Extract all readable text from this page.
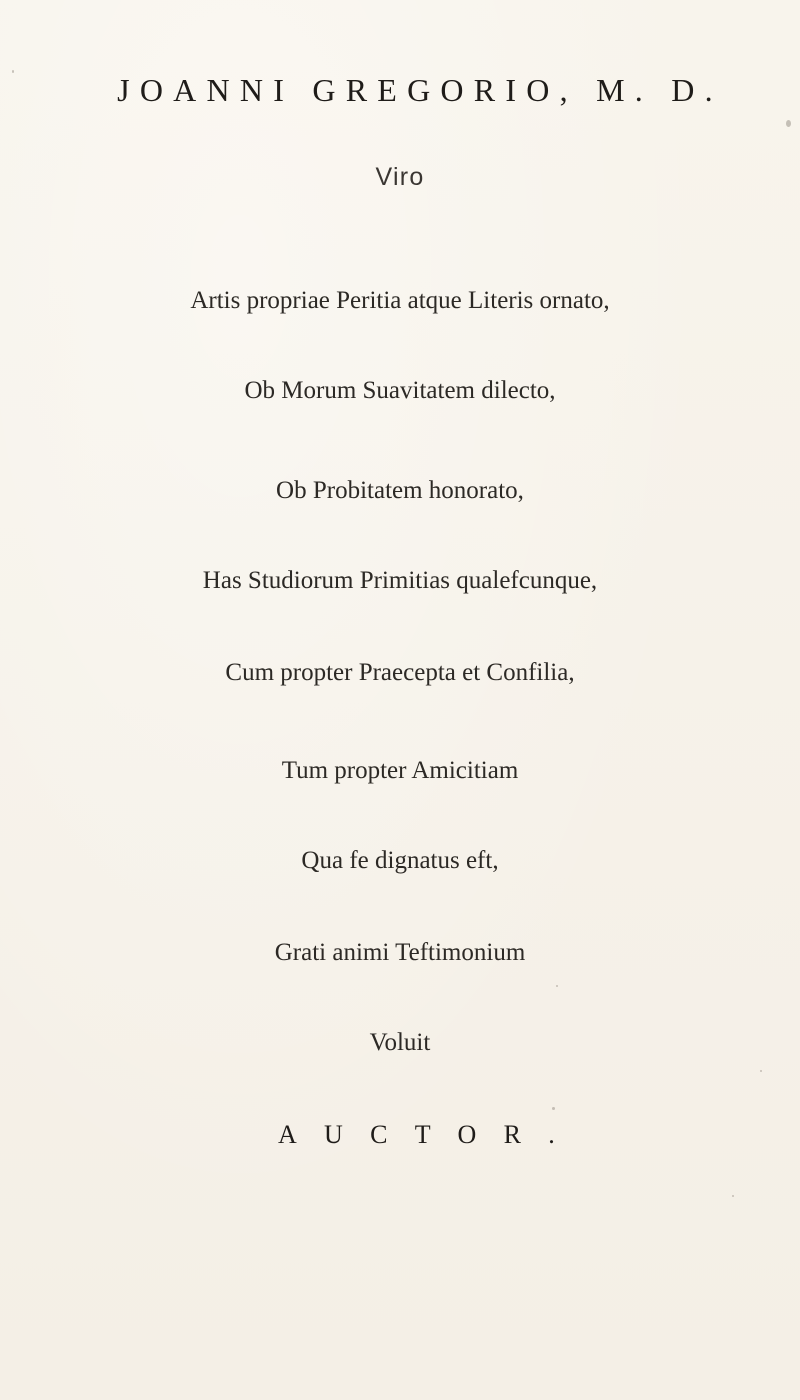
JOANNI GREGORIO, M. D.
Viro
Artis propriae Peritia atque Literis ornato,
Ob Morum Suavitatem dilecto,
Ob Probitatem honorato,
Has Studiorum Primitias qualefcunque,
Cum propter Praecepta et Confilia,
Tum propter Amicitiam
Qua fe dignatus eft,
Grati animi Teftimonium
Voluit
AUCTOR.
